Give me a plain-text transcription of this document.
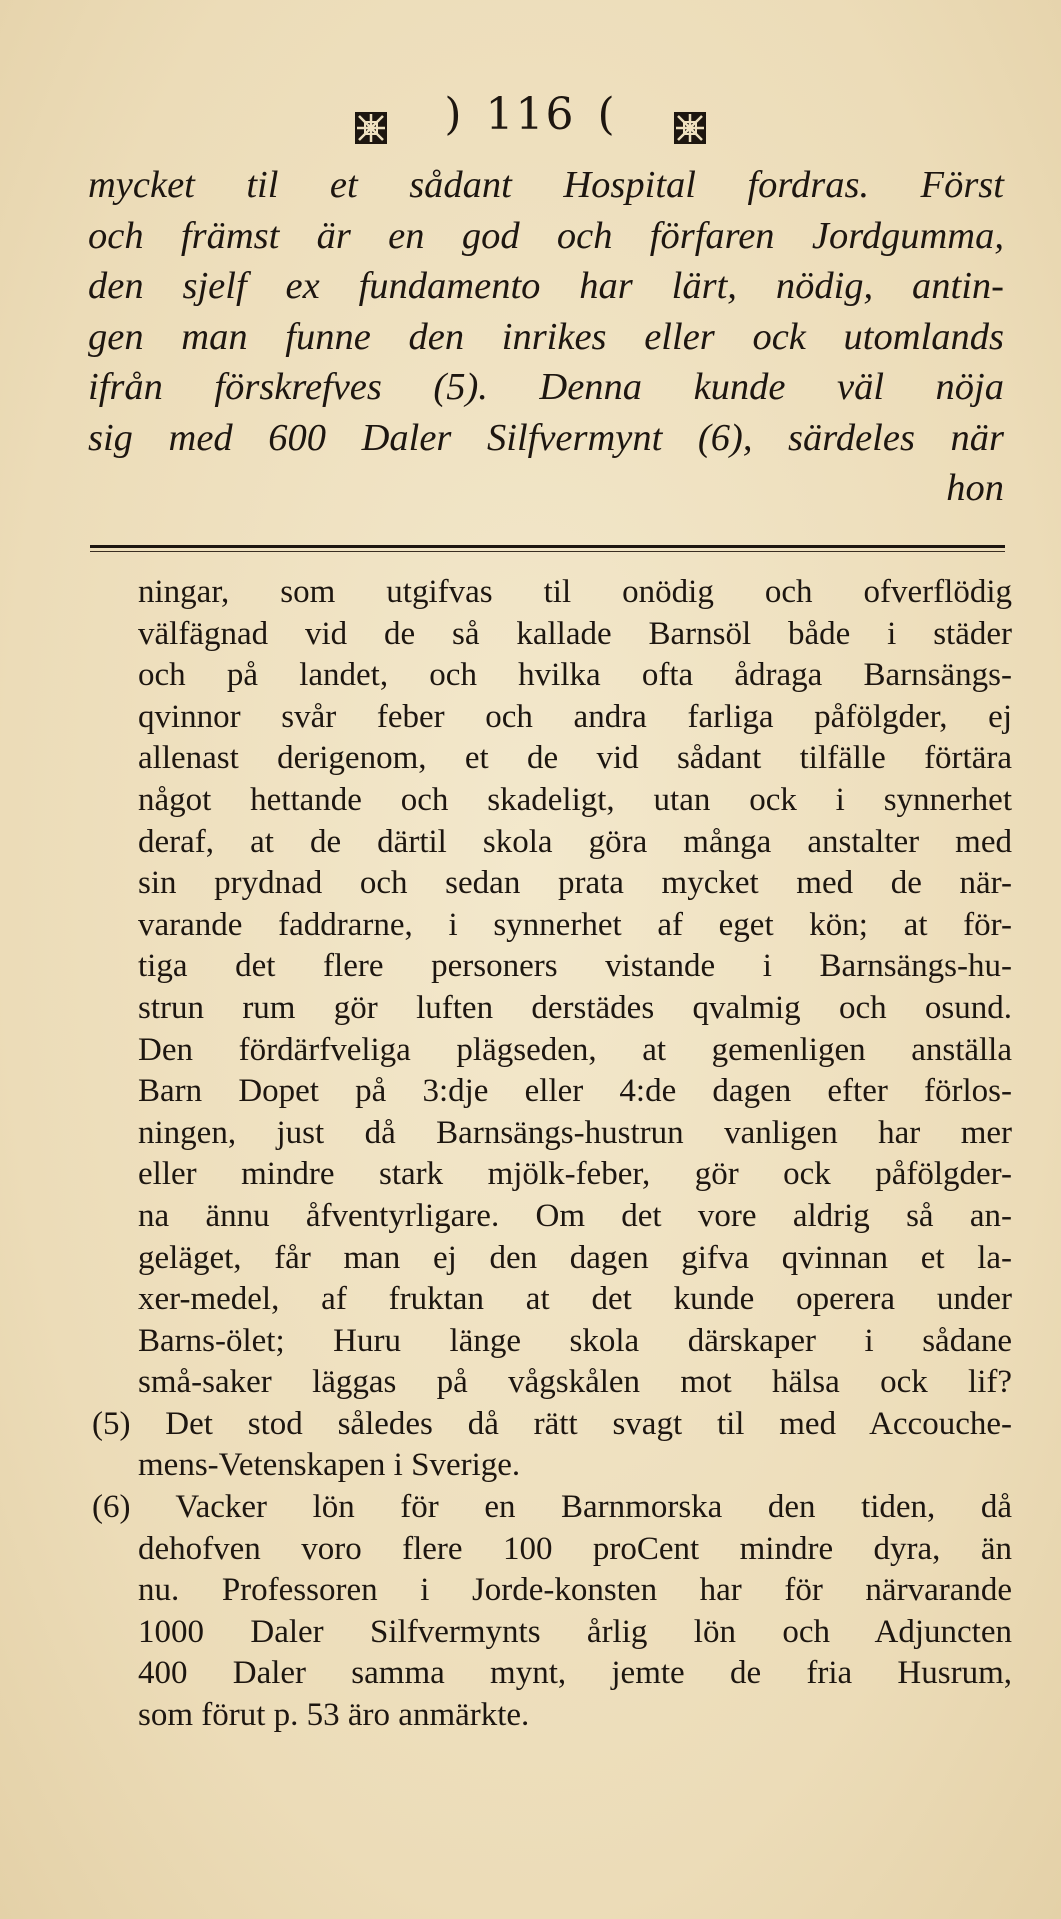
) 116 (
mycket til et sådant Hospital fordras. Först
och främst är en god och förfaren Jordgumma,
den sjelf ex fundamento har lärt, nödig, antin-
gen man funne den inrikes eller ock utomlands
ifrån förskrefves (5). Denna kunde väl nöja
sig med 600 Daler Silfvermynt (6), särdeles när
hon
ningar, som utgifvas til onödig och ofverflödig
välfägnad vid de så kallade Barnsöl både i städer
och på landet, och hvilka ofta ådraga Barnsängs-
qvinnor svår feber och andra farliga påfölgder, ej
allenast derigenom, et de vid sådant tilfälle förtära
något hettande och skadeligt, utan ock i synnerhet
deraf, at de därtil skola göra många anstalter med
sin prydnad och sedan prata mycket med de när-
varande faddrarne, i synnerhet af eget kön; at för-
tiga det flere personers vistande i Barnsängs-hu-
strun rum gör luften derstädes qvalmig och osund.
Den fördärfveliga plägseden, at gemenligen anställa
Barn Dopet på 3:dje eller 4:de dagen efter förlos-
ningen, just då Barnsängs-hustrun vanligen har mer
eller mindre stark mjölk-feber, gör ock påfölgder-
na ännu åfventyrligare. Om det vore aldrig så an-
geläget, får man ej den dagen gifva qvinnan et la-
xer-medel, af fruktan at det kunde operera under
Barns-ölet; Huru länge skola därskaper i sådane
små-saker läggas på vågskålen mot hälsa ock lif?
(5) Det stod således då rätt svagt til med Accouche-
mens-Vetenskapen i Sverige.
(6) Vacker lön för en Barnmorska den tiden, då
dehofven voro flere 100 proCent mindre dyra, än
nu. Professoren i Jorde-konsten har för närvarande
1000 Daler Silfvermynts årlig lön och Adjuncten
400 Daler samma mynt, jemte de fria Husrum,
som förut p. 53 äro anmärkte.
